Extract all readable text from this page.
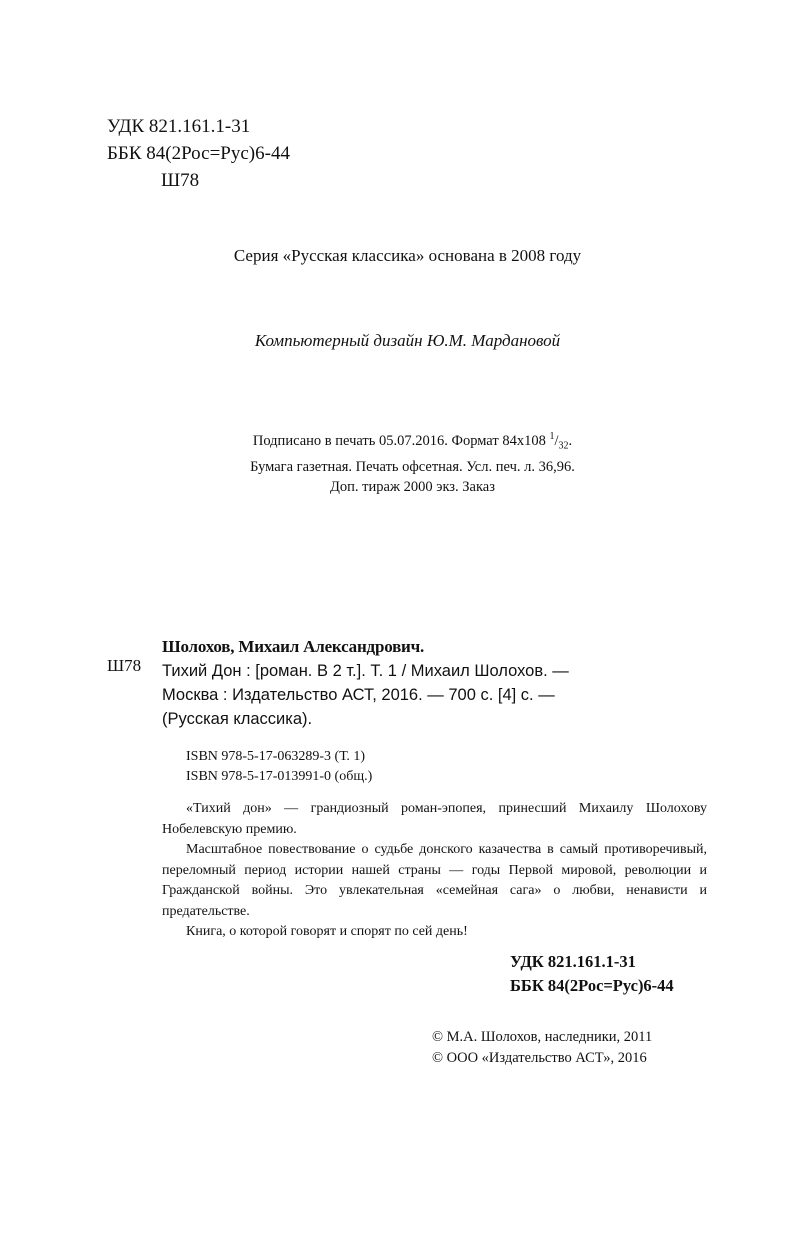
УДК 821.161.1-31
ББК 84(2Рос=Рус)6-44
Ш78
Серия «Русская классика» основана в 2008 году
Компьютерный дизайн Ю.М. Мардановой
Подписано в печать 05.07.2016. Формат 84x108 $^1/_{32}$.
Бумага газетная. Печать офсетная. Усл. печ. л. 36,96.
Доп. тираж 2000 экз. Заказ
Ш78
Шолохов, Михаил Александрович.
Тихий Дон : [роман. В 2 т.]. Т. 1 / Михаил Шолохов. —
Москва : Издательство АСТ, 2016. — 700 с. [4] с. —
(Русская классика).
ISBN 978-5-17-063289-3 (Т. 1)
ISBN 978-5-17-013991-0 (общ.)

«Тихий дон» — грандиозный роман-эпопея, принесший Михаилу Шолохову Нобелевскую премию.

Масштабное повествование о судьбе донского казачества в самый противоречивый, переломный период истории нашей страны — годы Первой мировой, революции и Гражданской войны. Это увлекательная «семейная сага» о любви, ненависти и предательстве.

Книга, о которой говорят и спорят по сей день!

УДК 821.161.1-31
ББК 84(2Рос=Рус)6-44
© М.А. Шолохов, наследники, 2011
© ООО «Издательство АСТ», 2016
